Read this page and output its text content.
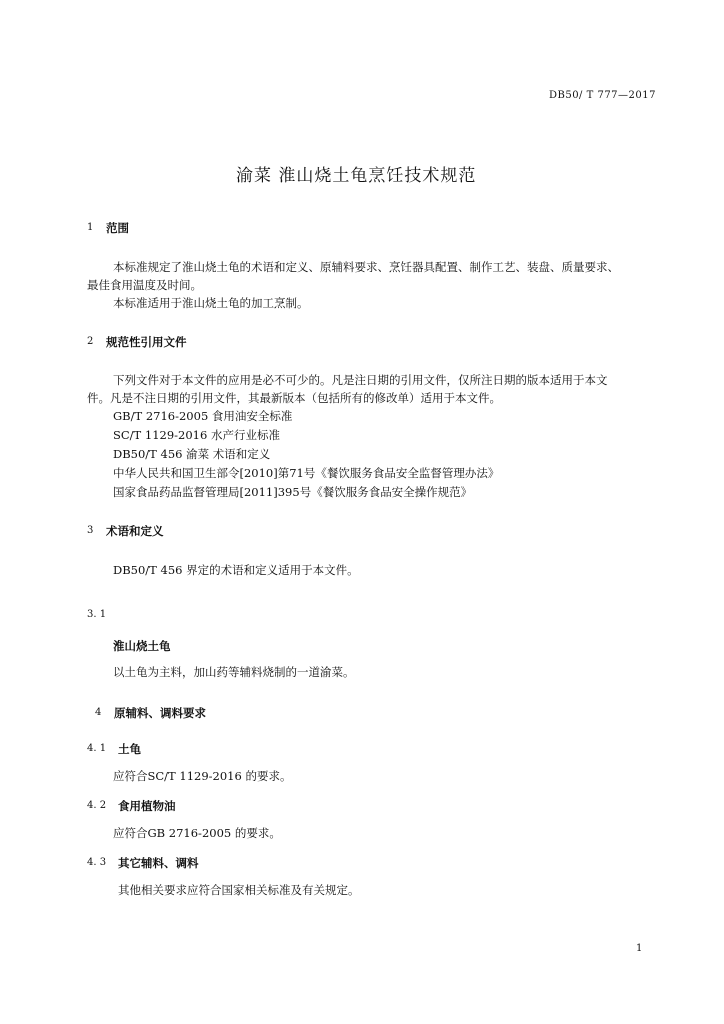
DB50/ T 777—2017
渝菜 淮山烧土龟烹饪技术规范
1 范围
本标准规定了淮山烧土龟的术语和定义、原辅料要求、烹饪器具配置、制作工艺、装盘、质量要求、
最佳食用温度及时间。
本标准适用于淮山烧土龟的加工烹制。
2 规范性引用文件
下列文件对于本文件的应用是必不可少的。凡是注日期的引用文件，仅所注日期的版本适用于本文
件。凡是不注日期的引用文件，其最新版本（包括所有的修改单）适用于本文件。
GB/T 2716-2005 食用油安全标准
SC/T 1129-2016 水产行业标准
DB50/T 456 渝菜 术语和定义
中华人民共和国卫生部令[2010]第71号《餐饮服务食品安全监督管理办法》
国家食品药品监督管理局[2011]395号《餐饮服务食品安全操作规范》
3 术语和定义
DB50/T 456 界定的术语和定义适用于本文件。
3. 1
淮山烧土龟
以土龟为主料，加山药等辅料烧制的一道渝菜。
4 原辅料、调料要求
4. 1 土龟
应符合SC/T 1129-2016 的要求。
4. 2 食用植物油
应符合GB 2716-2005 的要求。
4. 3 其它辅料、调料
其他相关要求应符合国家相关标准及有关规定。
1
